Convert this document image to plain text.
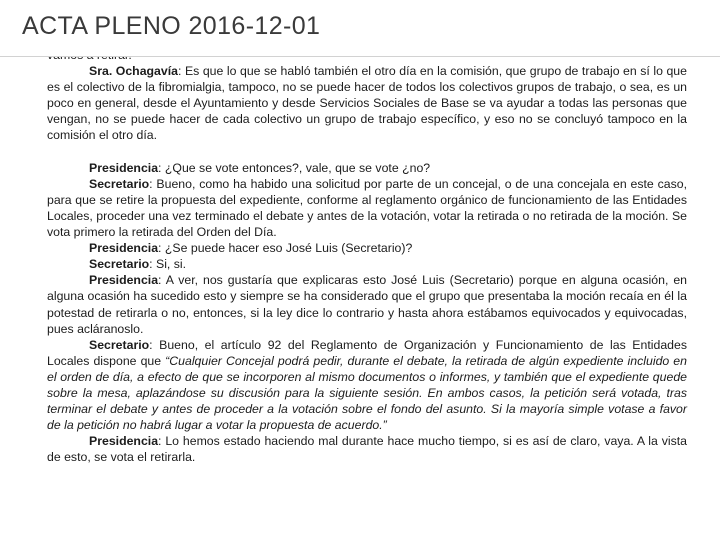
Sra. Ochagavía: Es que lo que se habló también el otro día en la comisión, que grupo de trabajo en sí lo que es el colectivo de la fibromialgia, tampoco, no se puede hacer de todos los colectivos grupos de trabajo, o sea, es un poco en general, desde el Ayuntamiento y desde Servicios Sociales de Base se va ayudar a todas las personas que vengan, no se puede hacer de cada colectivo un grupo de trabajo específico, y eso no se concluyó tampoco en la comisión el otro día.

Presidencia: ¿Que se vote entonces?, vale, que se vote ¿no?

Secretario: Bueno, como ha habido una solicitud por parte de un concejal, o de una concejala en este caso, para que se retire la propuesta del expediente, conforme al reglamento orgánico de funcionamiento de las Entidades Locales, proceder una vez terminado el debate y antes de la votación, votar la retirada o no retirada de la moción. Se vota primero la retirada del Orden del Día.

Presidencia: ¿Se puede hacer eso José Luis (Secretario)?

Secretario: Si, si.

Presidencia: A ver, nos gustaría que explicaras esto José Luis (Secretario) porque en alguna ocasión, en alguna ocasión ha sucedido esto y siempre se ha considerado que el grupo que presentaba la moción recaía en él la potestad de retirarla o no, entonces, si la ley dice lo contrario y hasta ahora estábamos equivocados y equivocadas, pues acláranoslo.

Secretario: Bueno, el artículo 92 del Reglamento de Organización y Funcionamiento de las Entidades Locales dispone que “Cualquier Concejal podrá pedir, durante el debate, la retirada de algún expediente incluido en el orden de día, a efecto de que se incorporen al mismo documentos o informes, y también que el expediente quede sobre la mesa, aplazándose su discusión para la siguiente sesión. En ambos casos, la petición será votada, tras terminar el debate y antes de proceder a la votación sobre el fondo del asunto. Si la mayoría simple votase a favor de la petición no habrá lugar a votar la propuesta de acuerdo.”

Presidencia: Lo hemos estado haciendo mal durante hace mucho tiempo, si es así de claro, vaya. A la vista de esto, se vota el retirarla.

ACTA PLENO 2016-12-01
